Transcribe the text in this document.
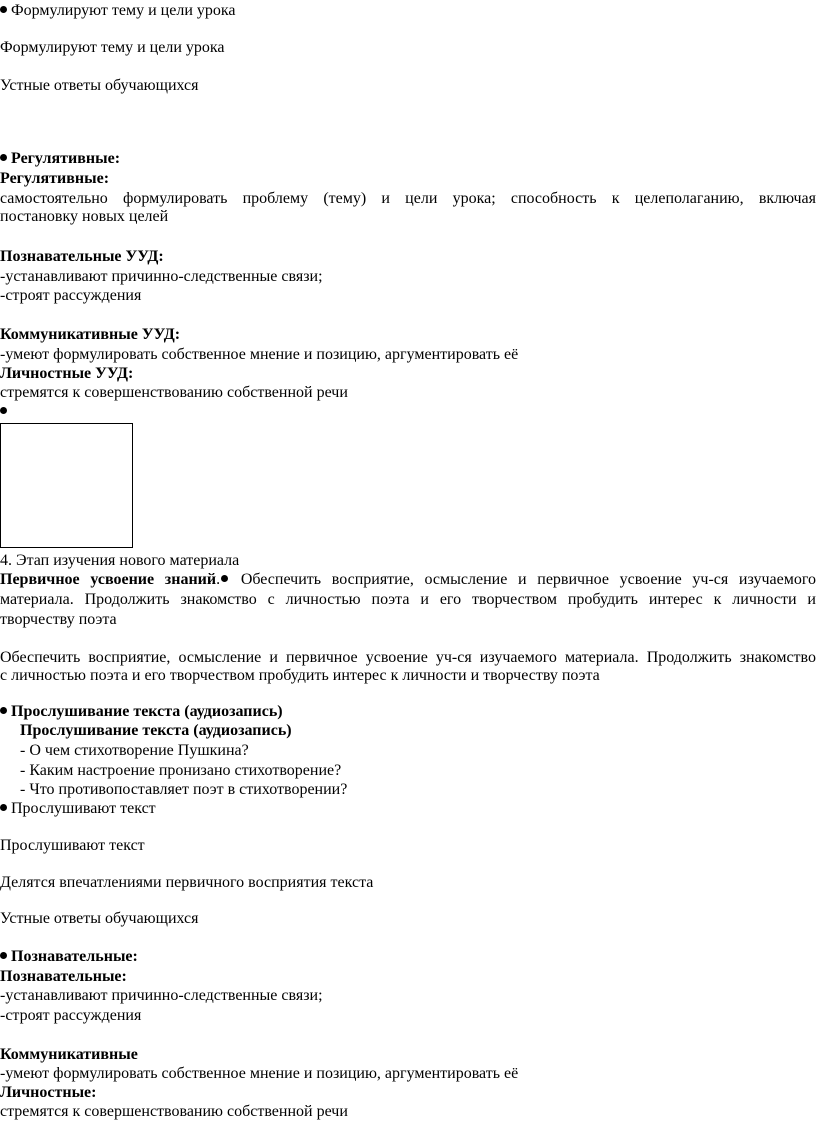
Формулируют тему и цели урока
Формулируют тему и цели урока
Устные ответы обучающихся
Регулятивные:
Регулятивные:
самостоятельно формулировать проблему (тему) и цели урока; способность к целеполаганию, включая
постановку новых целей
Познавательные УУД:
-устанавливают причинно-следственные связи;
-строят рассуждения
Коммуникативные УУД:
-умеют формулировать собственное мнение и позицию, аргументировать её
Личностные УУД:
стремятся к совершенствованию собственной речи
4. Этап изучения нового материала
Первичное усвоение знаний. Обеспечить восприятие, осмысление и первичное усвоение уч-ся изучаемого
материала. Продолжить знакомство с личностью поэта и его творчеством пробудить интерес к личности и
творчеству поэта
Обеспечить восприятие, осмысление и первичное усвоение уч-ся изучаемого материала. Продолжить знакомство
с личностью поэта и его творчеством пробудить интерес к личности и творчеству поэта
Прослушивание текста (аудиозапись)
Прослушивание текста (аудиозапись)
- О чем стихотворение Пушкина?
- Каким настроение пронизано стихотворение?
- Что противопоставляет поэт в стихотворении?
Прослушивают текст
Прослушивают текст
Делятся впечатлениями первичного восприятия текста
Устные ответы обучающихся
Познавательные:
Познавательные:
-устанавливают причинно-следственные связи;
-строят рассуждения
Коммуникативные
-умеют формулировать собственное мнение и позицию, аргументировать её
Личностные:
стремятся к совершенствованию собственной речи
